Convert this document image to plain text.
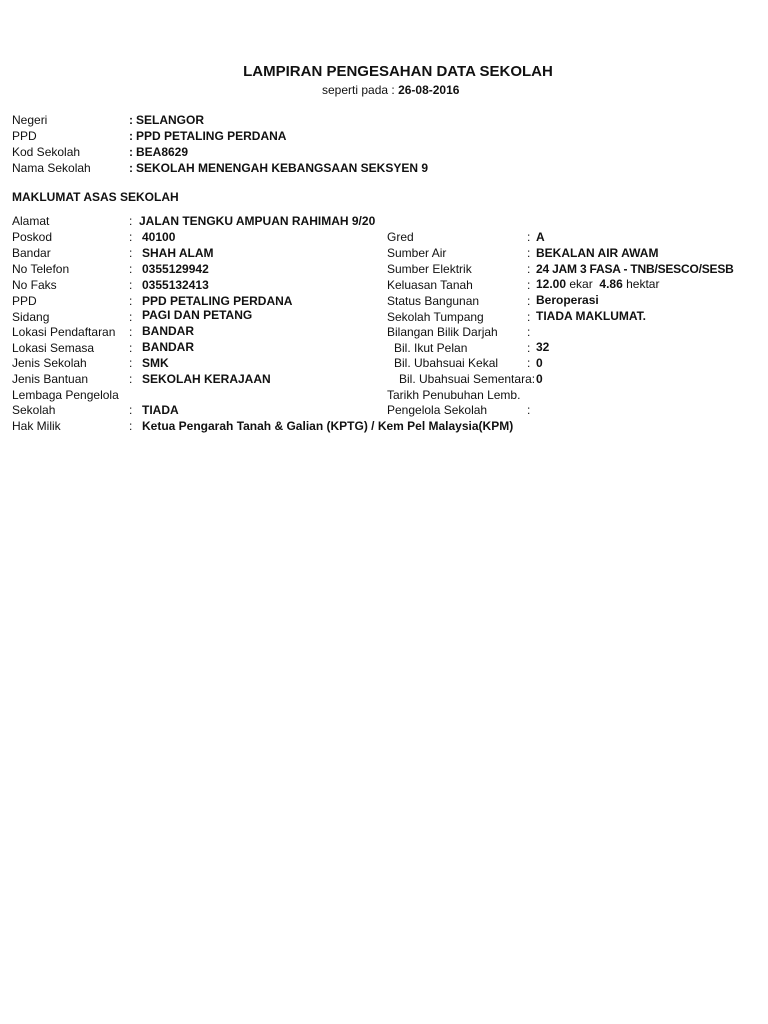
LAMPIRAN PENGESAHAN DATA SEKOLAH
seperti pada : 26-08-2016
Negeri	: SELANGOR
PPD	: PPD PETALING PERDANA
Kod Sekolah	: BEA8629
Nama Sekolah	: SEKOLAH MENENGAH KEBANGSAAN SEKSYEN 9
MAKLUMAT ASAS SEKOLAH
Alamat	: JALAN TENGKU AMPUAN RAHIMAH 9/20
Poskod	: 40100
Bandar	: SHAH ALAM
No Telefon	: 0355129942
No Faks	: 0355132413
PPD	: PPD PETALING PERDANA
Sidang	: PAGI DAN PETANG
Lokasi Pendaftaran : BANDAR
Lokasi Semasa	: BANDAR
Jenis Sekolah	: SMK
Jenis Bantuan	: SEKOLAH KERAJAAN
Lembaga Pengelola
Sekolah	: TIADA
Hak Milik	: Ketua Pengarah Tanah & Galian (KPTG) / Kem Pel Malaysia(KPM)
Gred	: A
Sumber Air	: BEKALAN AIR AWAM
Sumber Elektrik	: 24 JAM 3 FASA - TNB/SESCO/SESB
Keluasan Tanah	: 12.00 ekar 4.86 hektar
Status Bangunan	: Beroperasi
Sekolah Tumpang	: TIADA MAKLUMAT.
Bilangan Bilik Darjah :
Bil. Ikut Pelan	: 32
Bil. Ubahsuai Kekal : 0
Bil. Ubahsuai Sementara: 0
Tarikh Penubuhan Lemb.
Pengelola Sekolah	:
